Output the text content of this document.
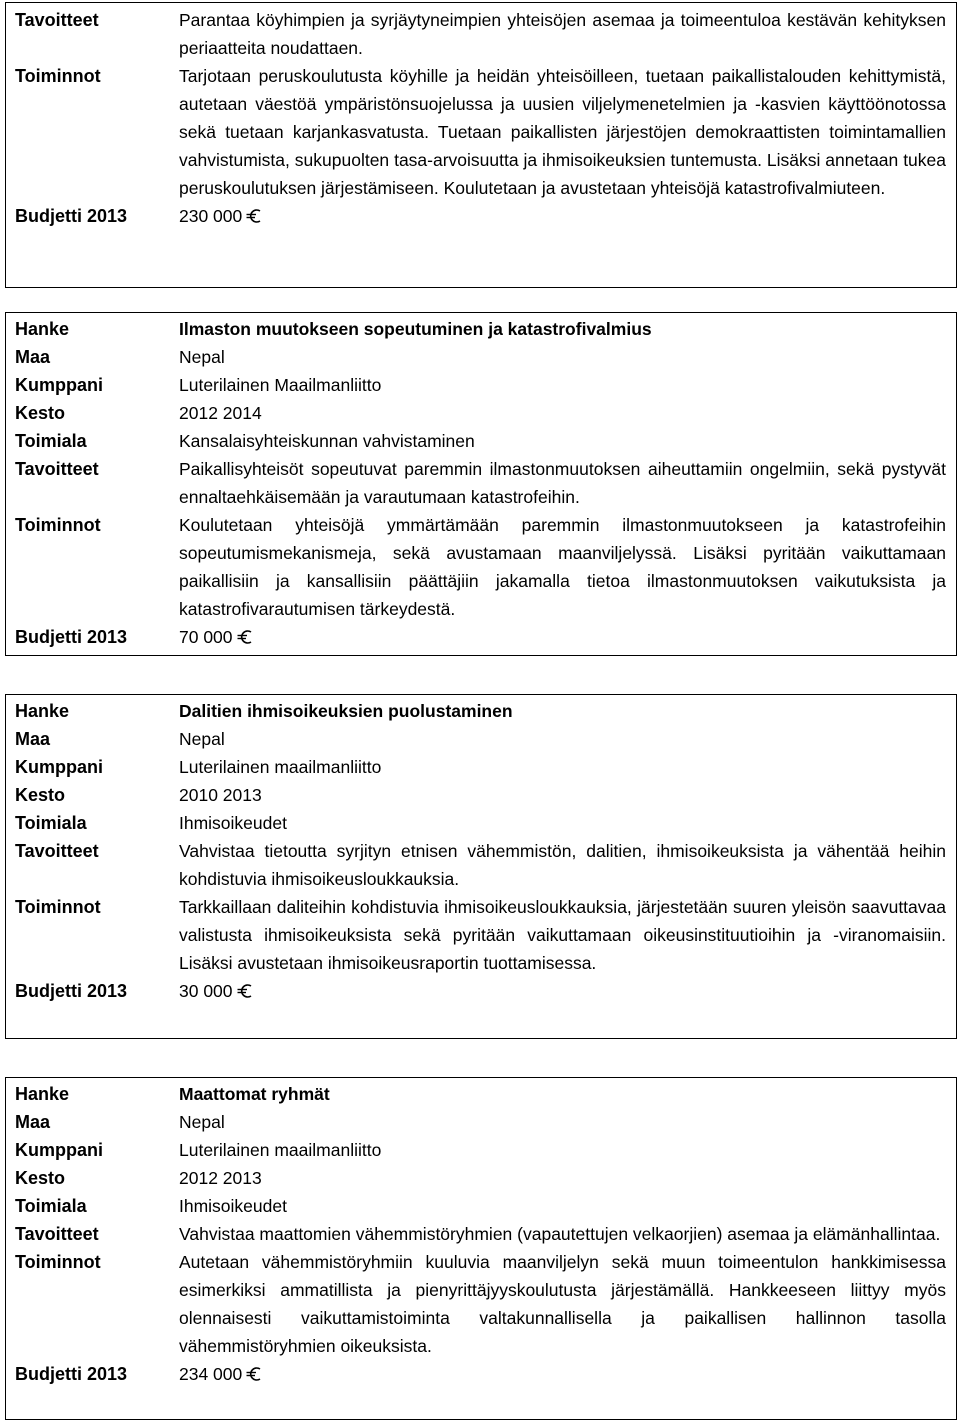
Tavoitteet	Parantaa köyhimpien ja syrjäytyneimpien yhteisöjen asemaa ja toimeentuloa kestävän kehityksen periaatteita noudattaen.
Toiminnot	Tarjotaan peruskoulutusta köyhille ja heidän yhteisöilleen, tuetaan paikallistalouden kehittymistä, autetaan väestöä ympäristönsuojelussa ja uusien viljelymenetelmien ja -kasvien käyttöönotossa sekä tuetaan karjankasvatusta. Tuetaan paikallisten järjestöjen demokraattisten toimintamallien vahvistumista, sukupuolten tasa-arvoisuutta ja ihmisoikeuksien tuntemusta. Lisäksi annetaan tukea peruskoulutuksen järjestämiseen. Koulutetaan ja avustetaan yhteisöjä katastrofivalmiuteen.
Budjetti 2013	230 000
Hanke	Ilmaston muutokseen sopeutuminen ja katastrofivalmius
Maa	Nepal
Kumppani	Luterilainen Maailmanliitto
Kesto	2012 2014
Toimiala	Kansalaisyhteiskunnan vahvistaminen
Tavoitteet	Paikallisyhteisöt sopeutuvat paremmin ilmastonmuutoksen aiheuttamiin ongelmiin, sekä pystyvät ennaltaehkäisemään ja varautumaan katastrofeihin.
Toiminnot	Koulutetaan yhteisöjä ymmärtämään paremmin ilmastonmuutokseen ja katastrofeihin sopeutumismekanismeja, sekä avustamaan maanviljelyssä. Lisäksi pyritään vaikuttamaan paikallisiin ja kansallisiin päättäjiin jakamalla tietoa ilmastonmuutoksen vaikutuksista ja katastrofivarautumisen tärkeydestä.
Budjetti 2013	70 000
Hanke	Dalitien ihmisoikeuksien puolustaminen
Maa	Nepal
Kumppani	Luterilainen maailmanliitto
Kesto	2010 2013
Toimiala	Ihmisoikeudet
Tavoitteet	Vahvistaa tietoutta syrjityn etnisen vähemmistön, dalitien, ihmisoikeuksista ja vähentää heihin kohdistuvia ihmisoikeusloukkauksia.
Toiminnot	Tarkkaillaan daliteihin kohdistuvia ihmisoikeusloukkauksia, järjestetään suuren yleisön saavuttavaa valistusta ihmisoikeuksista sekä pyritään vaikuttamaan oikeusinstituutioihin ja -viranomaisiin. Lisäksi avustetaan ihmisoikeusraportin tuottamisessa.
Budjetti 2013	30 000
Hanke	Maattomat ryhmät
Maa	Nepal
Kumppani	Luterilainen maailmanliitto
Kesto	2012 2013
Toimiala	Ihmisoikeudet
Tavoitteet	Vahvistaa maattomien vähemmistöryhmien (vapautettujen velkaorjien) asemaa ja elämänhallintaa.
Toiminnot	Autetaan vähemmistöryhmiin kuuluvia maanviljelyn sekä muun toimeentulon hankkimisessa esimerkiksi ammatillista ja pienyrittäjyyskoulutusta järjestämällä. Hankkeeseen liittyy myös olennaisesti vaikuttamistoiminta valtakunnallisella ja paikallisen hallinnon tasolla vähemmistöryhmien oikeuksista.
Budjetti 2013	234 000
